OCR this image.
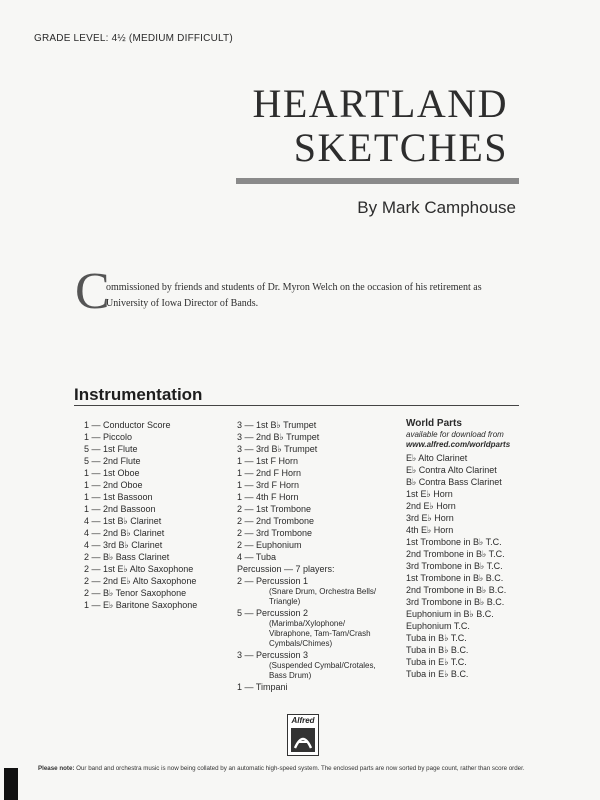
GRADE LEVEL: 4½ (MEDIUM DIFFICULT)
HEARTLAND
SKETCHES
By Mark Camphouse
C
ommissioned by friends and students of Dr. Myron Welch on the occasion of his retirement as University of Iowa Director of Bands.
Instrumentation
1 — Conductor Score
1 — Piccolo
5 — 1st Flute
5 — 2nd Flute
1 — 1st Oboe
1 — 2nd Oboe
1 — 1st Bassoon
1 — 2nd Bassoon
4 — 1st B♭ Clarinet
4 — 2nd B♭ Clarinet
4 — 3rd B♭ Clarinet
2 — B♭ Bass Clarinet
2 — 1st E♭ Alto Saxophone
2 — 2nd E♭ Alto Saxophone
2 — B♭ Tenor Saxophone
1 — E♭ Baritone Saxophone
3 — 1st B♭ Trumpet
3 — 2nd B♭ Trumpet
3 — 3rd B♭ Trumpet
1 — 1st F Horn
1 — 2nd F Horn
1 — 3rd F Horn
1 — 4th F Horn
2 — 1st Trombone
2 — 2nd Trombone
2 — 3rd Trombone
2 — Euphonium
4 — Tuba
Percussion — 7 players:
2 — Percussion 1
(Snare Drum, Orchestra Bells/
Triangle)
5 — Percussion 2
(Marimba/Xylophone/
Vibraphone, Tam-Tam/Crash
Cymbals/Chimes)
3 — Percussion 3
(Suspended Cymbal/Crotales,
Bass Drum)
1 — Timpani
World Parts
available for download from
www.alfred.com/worldparts
E♭ Alto Clarinet
E♭ Contra Alto Clarinet
B♭ Contra Bass Clarinet
1st E♭ Horn
2nd E♭ Horn
3rd E♭ Horn
4th E♭ Horn
1st Trombone in B♭ T.C.
2nd Trombone in B♭ T.C.
3rd Trombone in B♭ T.C.
1st Trombone in B♭ B.C.
2nd Trombone in B♭ B.C.
3rd Trombone in B♭ B.C.
Euphonium in B♭ B.C.
Euphonium T.C.
Tuba in B♭ T.C.
Tuba in B♭ B.C.
Tuba in E♭ T.C.
Tuba in E♭ B.C.
Alfred
Please note: Our band and orchestra music is now being collated by an automatic high-speed system. The enclosed parts are now sorted by page count, rather than score order.
